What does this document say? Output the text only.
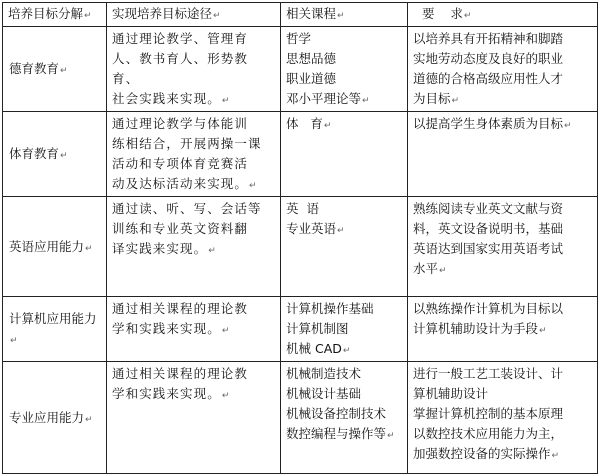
培养目标分解↵	实现培养目标途径↵	相关课程↵	要    求↵
德育教育↵	通过理论教学、管理育
人、教书育人、形势教育、
社会实践来实现。↵	哲学
思想品德
职业道德
邓小平理论等↵	以培养具有开拓精神和脚踏
实地劳动态度及良好的职业
道德的合格高级应用性人才
为目标↵

体育教育↵	通过理论教学与体能训
练相结合，开展两操一课
活动和专项体育竞赛活
动及达标活动来实现。↵	体   育↵	以提高学生身体素质为目标↵

英语应用能力↵	通过读、听、写、会话等
训练和专业英文资料翻
译实践来实现。↵	英  语
专业英语↵	熟练阅读专业英文文献与资
料，英文设备说明书，基础
英语达到国家实用英语考试
水平↵

计算机应用能力↵	通过相关课程的理论教
学和实践来实现。↵	计算机操作基础
计算机制图
机械 CAD↵	以熟练操作计算机为目标以
计算机辅助设计为手段↵

专业应用能力↵	通过相关课程的理论教
学和实践来实现。↵	机械制造技术
机械设计基础
机械设备控制技术
数控编程与操作等↵	进行一般工艺工装设计、计
算机辅助设计
掌握计算机控制的基本原理
以数控技术应用能力为主，
加强数控设备的实际操作↵
